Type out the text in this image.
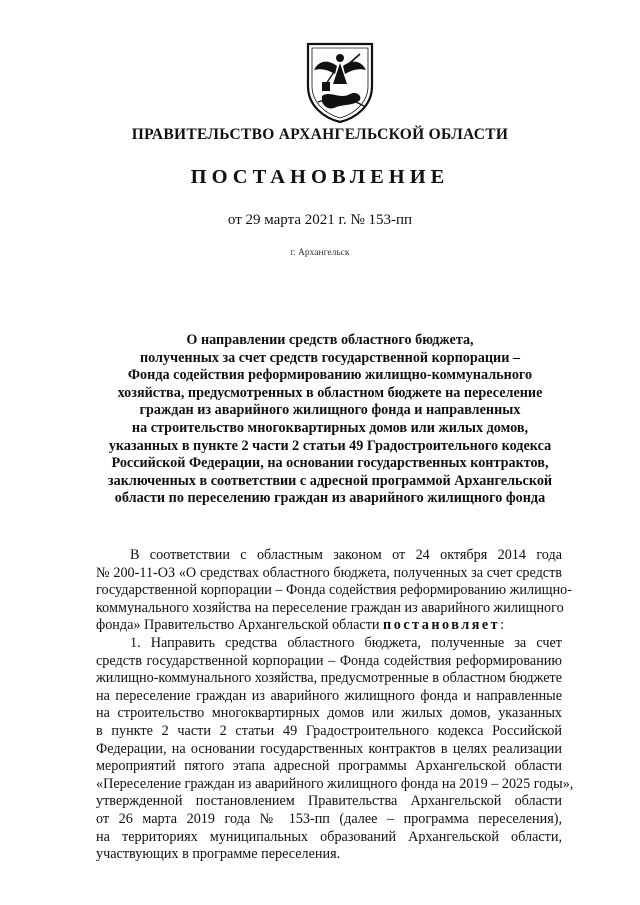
ПРАВИТЕЛЬСТВО АРХАНГЕЛЬСКОЙ ОБЛАСТИ
ПОСТАНОВЛЕНИЕ
от 29 марта 2021 г. № 153-пп
г. Архангельск
О направлении средств областного бюджета,
полученных за счет средств государственной корпорации –
Фонда содействия реформированию жилищно-коммунального
хозяйства, предусмотренных в областном бюджете на переселение
граждан из аварийного жилищного фонда и направленных
на строительство многоквартирных домов или жилых домов,
указанных в пункте 2 части 2 статьи 49 Градостроительного кодекса
Российской Федерации, на основании государственных контрактов,
заключенных в соответствии с адресной программой Архангельской
области по переселению граждан из аварийного жилищного фонда
В соответствии с областным законом от 24 октября 2014 года
№ 200-11-ОЗ «О средствах областного бюджета, полученных за счет средств
государственной корпорации – Фонда содействия реформированию жилищно-
коммунального хозяйства на переселение граждан из аварийного жилищного
фонда» Правительство Архангельской области постановляет:
1. Направить средства областного бюджета, полученные за счет
средств государственной корпорации – Фонда содействия реформированию
жилищно-коммунального хозяйства, предусмотренные в областном бюджете
на переселение граждан из аварийного жилищного фонда и направленные
на строительство многоквартирных домов или жилых домов, указанных
в пункте 2 части 2 статьи 49 Градостроительного кодекса Российской
Федерации, на основании государственных контрактов в целях реализации
мероприятий пятого этапа адресной программы Архангельской области
«Переселение граждан из аварийного жилищного фонда на 2019 – 2025 годы»,
утвержденной постановлением Правительства Архангельской области
от 26 марта 2019 года № 153-пп (далее – программа переселения),
на территориях муниципальных образований Архангельской области,
участвующих в программе переселения.
